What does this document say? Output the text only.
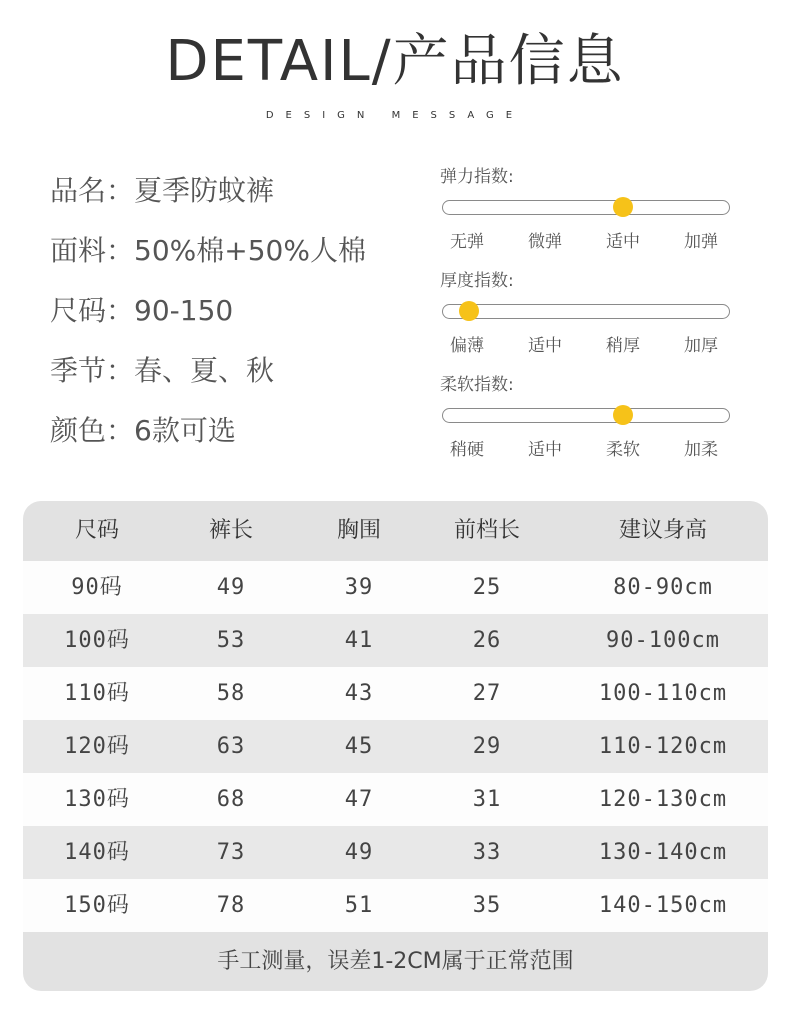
DETAIL/产品信息
DESIGN MESSAGE
品名：夏季防蚊裤
面料：50%棉+50%人棉
尺码：90-150
季节：春、夏、秋
颜色：6款可选
弹力指数:
无弹	微弹	适中	加弹
厚度指数:
偏薄	适中	稍厚	加厚
柔软指数:
稍硬	适中	柔软	加柔
尺码	裤长	胸围	前档长	建议身高
90码	49	39	25	80-90cm
100码	53	41	26	90-100cm
110码	58	43	27	100-110cm
120码	63	45	29	110-120cm
130码	68	47	31	120-130cm
140码	73	49	33	130-140cm
150码	78	51	35	140-150cm
手工测量，误差1-2CM属于正常范围
